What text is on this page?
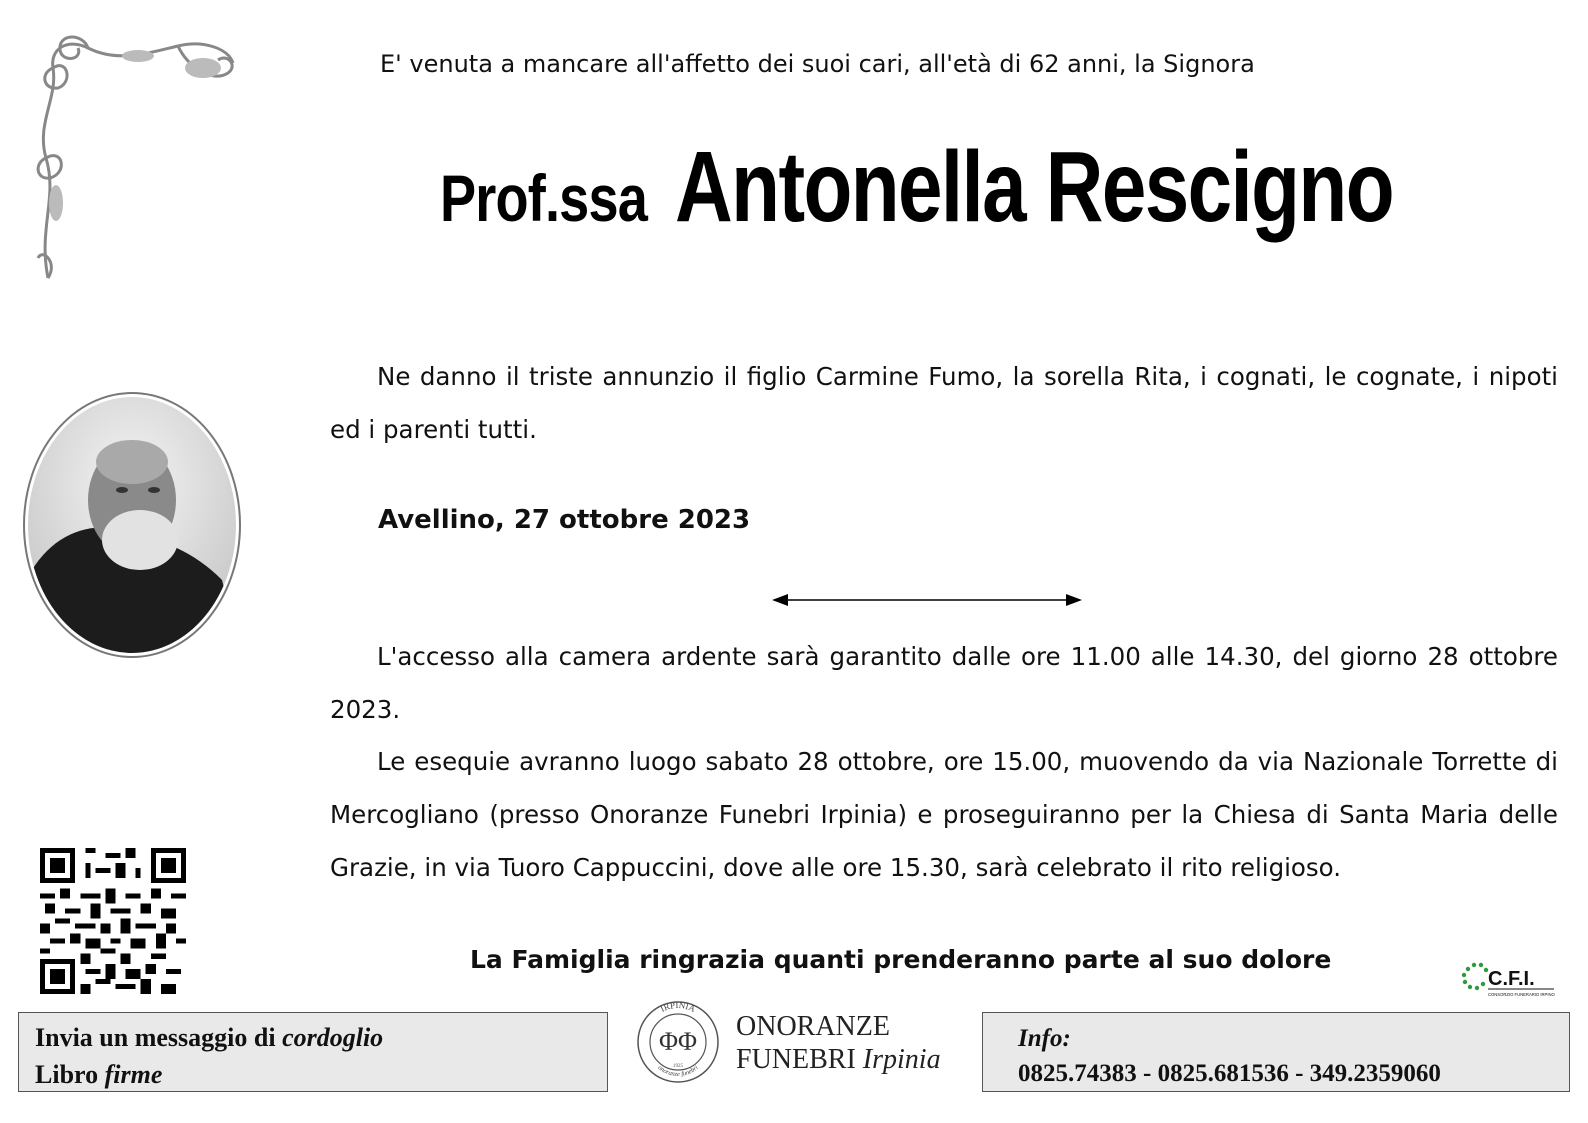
E' venuta a mancare all'affetto dei suoi cari, all'età di 62 anni, la Signora
Prof.ssa Antonella Rescigno
Ne danno il triste annunzio il figlio Carmine Fumo, la sorella Rita, i cognati, le cognate, i nipoti ed i parenti tutti.
Avellino, 27 ottobre 2023
L'accesso alla camera ardente sarà garantito dalle ore 11.00 alle 14.30, del giorno 28 ottobre 2023.
Le esequie avranno luogo sabato 28 ottobre, ore 15.00, muovendo da via Nazionale Torrette di Mercogliano (presso Onoranze Funebri Irpinia) e proseguiranno per la Chiesa di Santa Maria delle Grazie, in via Tuoro Cappuccini, dove alle ore 15.30, sarà celebrato il rito religioso.
La Famiglia ringrazia quanti prenderanno parte al suo dolore
C.F.I.
CONSORZIO FUNERARIO IRPINO
Invia un messaggio di cordoglio
Libro firme
IRPINIA
onoranze funebri
ΦΦ
1925
ONORANZE
FUNEBRI Irpinia
Info:
0825.74383 - 0825.681536 - 349.2359060
